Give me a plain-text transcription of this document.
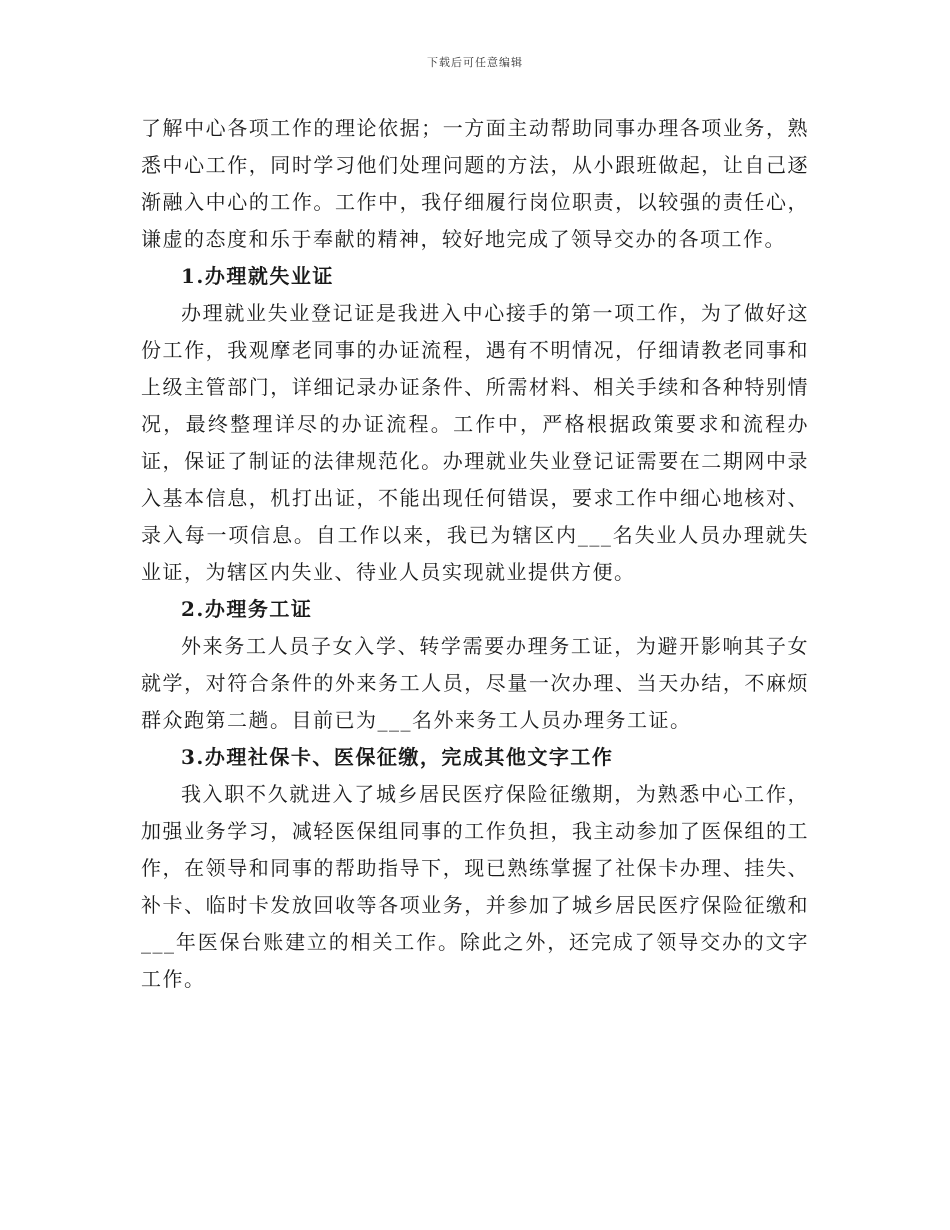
下载后可任意编辑

了解中心各项工作的理论依据；一方面主动帮助同事办理各项业务，熟悉中心工作，同时学习他们处理问题的方法，从小跟班做起，让自己逐渐融入中心的工作。工作中，我仔细履行岗位职责，以较强的责任心，谦虚的态度和乐于奉献的精神，较好地完成了领导交办的各项工作。

1.办理就失业证

办理就业失业登记证是我进入中心接手的第一项工作，为了做好这份工作，我观摩老同事的办证流程，遇有不明情况，仔细请教老同事和上级主管部门，详细记录办证条件、所需材料、相关手续和各种特别情况，最终整理详尽的办证流程。工作中，严格根据政策要求和流程办证，保证了制证的法律规范化。办理就业失业登记证需要在二期网中录入基本信息，机打出证，不能出现任何错误，要求工作中细心地核对、录入每一项信息。自工作以来，我已为辖区内___名失业人员办理就失业证，为辖区内失业、待业人员实现就业提供方便。

2.办理务工证

外来务工人员子女入学、转学需要办理务工证，为避开影响其子女就学，对符合条件的外来务工人员，尽量一次办理、当天办结，不麻烦群众跑第二趟。目前已为___名外来务工人员办理务工证。

3.办理社保卡、医保征缴，完成其他文字工作

我入职不久就进入了城乡居民医疗保险征缴期，为熟悉中心工作，加强业务学习，减轻医保组同事的工作负担，我主动参加了医保组的工作，在领导和同事的帮助指导下，现已熟练掌握了社保卡办理、挂失、补卡、临时卡发放回收等各项业务，并参加了城乡居民医疗保险征缴和___年医保台账建立的相关工作。除此之外，还完成了领导交办的文字工作。
